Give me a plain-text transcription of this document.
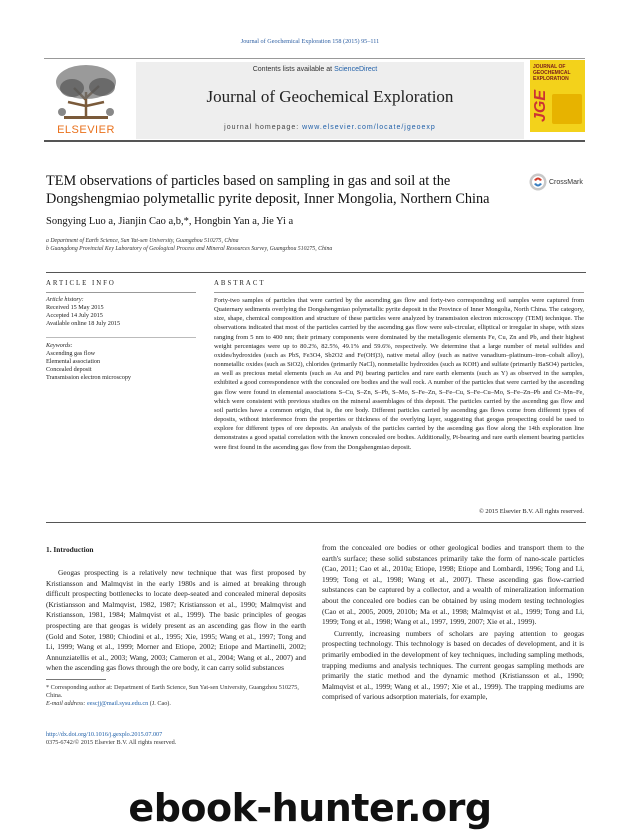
Journal of Geochemical Exploration 158 (2015) 95–111
ELSEVIER
Contents lists available at ScienceDirect
Journal of Geochemical Exploration
journal homepage: www.elsevier.com/locate/jgeoexp
JOURNAL OF GEOCHEMICAL EXPLORATION
JGE
TEM observations of particles based on sampling in gas and soil at the Dongshengmiao polymetallic pyrite deposit, Inner Mongolia, Northern China
CrossMark
Songying Luo a, Jianjin Cao a,b,*, Hongbin Yan a, Jie Yi a
a Department of Earth Science, Sun Yat-sen University, Guangzhou 510275, China
b Guangdong Provincial Key Laboratory of Geological Process and Mineral Resources Survey, Guangzhou 510275, China
ARTICLE INFO	ABSTRACT
Article history:
Received 15 May 2015
Accepted 14 July 2015
Available online 18 July 2015
Keywords:
Ascending gas flow
Elemental association
Concealed deposit
Transmission electron microscopy
Forty-two samples of particles that were carried by the ascending gas flow and forty-two corresponding soil samples were captured from Quaternary sediments overlying the Dongshengmiao polymetallic pyrite deposit in the Province of Inner Mongolia, North China. The category, size, shape, chemical composition and structure of these particles were analyzed by transmission electron microscopy (TEM) technique. The observations indicated that most of the particles carried by the ascending gas flow were sub-circular, elliptical or irregular in shape, with sizes ranging from 5 nm to 400 nm; their primary components were dominated by the metallogenic elements Fe, Cu, Zn and Pb, and their highest weight percentages were up to 80.2%, 82.5%, 49.1% and 59.6%, respectively. We determine that a large number of metal sulfides and oxides/hydroxides (such as PbS, Fe3O4, Sb2O2 and Fe(OH)3), native metal alloy (such as native vanadium–platinum–iron–cobalt alloy), nonmetallic oxides (such as SiO2), chlorides (primarily NaCl), nonmetallic hydroxides (such as KOH) and sulfate (primarily BaSO4) particles, as well as precious metal elements (such as Au and Pt) bearing particles and rare earth elements (such as Y) as observed in the samples, exhibited a good correspondence with the concealed ore bodies and the wall rock. A number of the particles that were carried by the ascending gas flow were found in elemental associations S–Cu, S–Zn, S–Pb, S–Mo, S–Fe–Zn, S–Fe–Cu, S–Fe–Cu–Mo, S–Fe–Zn–Pb and Cr–Mn–Fe, which were consistent with previous studies on the mineral assemblages of this deposit. The particles carried by the ascending gas flow and soil particles have a common origin, that is, the ore body. Different particles carried by ascending gas flows come from different types of deposits, without interference from the properties or thickness of the overlying layer, suggesting that geogas prospecting could be used to explore for different types of ore deposits. An analysis of the particles carried by the ascending gas flow along the 14th exploration line demonstrates a good spatial correlation with the known concealed ore bodies. Additionally, Pt-bearing and rare earth element bearing particles were first found in the ascending gas flow from the Dongshengmiao deposit.
© 2015 Elsevier B.V. All rights reserved.
1. Introduction
Geogas prospecting is a relatively new technique that was first proposed by Kristiansson and Malmqvist in the early 1980s and is aimed at breaking through difficult prospecting bottlenecks to locate deep-seated and concealed mineral deposits (Kristiansson and Malmqvist, 1982, 1987; Kristiansson et al., 1990; Malmqvist and Kristiansson, 1981, 1984; Malmqvist et al., 1999). The basic principles of geogas prospecting are that geogas is widely present as an ascending gas flow in the earth (Gold and Soter, 1980; Chiodini et al., 1995; Xie, 1995; Wang et al., 1997; Tong and Li, 1999; Wang et al., 1999; Morner and Etiope, 2002; Etiope and Martinelli, 2002; Annunziatellis et al., 2003; Wang, 2003; Cameron et al., 2004; Wang et al., 2007) and when the ascending gas flows through the ore body, it can carry solid substances
from the concealed ore bodies or other geological bodies and transport them to the earth's surface; these solid substances primarily take the form of nano-scale particles (Cao, 2011; Cao et al., 2010a; Etiope, 1998; Etiope and Lombardi, 1996; Tong and Li, 1999; Tong et al., 1998; Wang et al., 2007). These ascending gas flow-carried substances can be captured by a collector, and a wealth of mineralization information about the concealed ore bodies can be obtained by using modern testing technologies (Cao et al., 2005, 2009, 2010b; Ma et al., 1998; Malmqvist et al., 1999; Tong and Li, 1999; Tong et al., 1998; Wang et al., 1997, 1999, 2007; Xie et al., 1999).
Currently, increasing numbers of scholars are paying attention to geogas prospecting technology. This technology is based on decades of development, and it is primarily embodied in the development of key techniques, including sampling methods, trapping mediums and analysis techniques. The current geogas sampling methods are primarily the static method and the dynamic method (Kristiansson et al., 1990; Malmqvist et al., 1999; Wang et al., 1997; Xie et al., 1999). The trapping mediums are comprised of various adsorption materials, for example,
* Corresponding author at: Department of Earth Science, Sun Yat-sen University, Guangzhou 510275, China.
E-mail address: eescjj@mail.sysu.edu.cn (J. Cao).
http://dx.doi.org/10.1016/j.gexplo.2015.07.007
0375-6742/© 2015 Elsevier B.V. All rights reserved.
ebook-hunter.org
